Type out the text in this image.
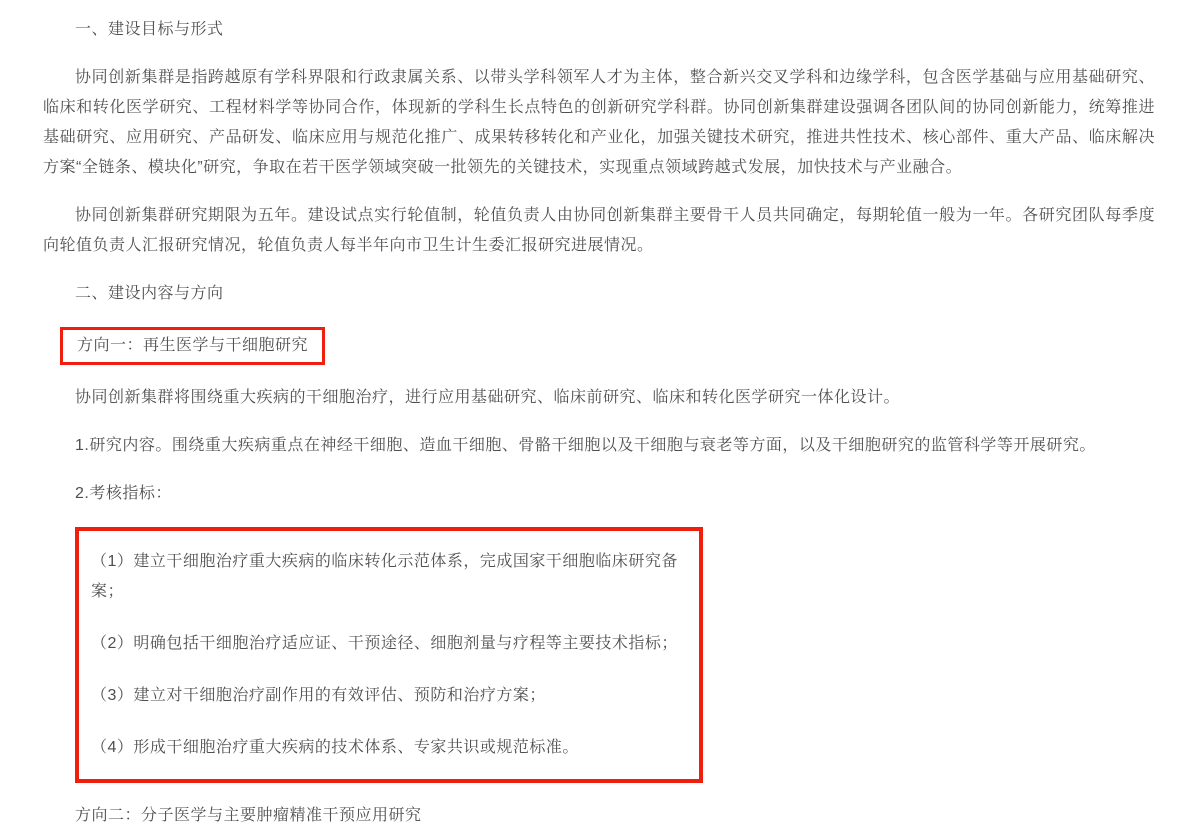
一、建设目标与形式

协同创新集群是指跨越原有学科界限和行政隶属关系、以带头学科领军人才为主体，整合新兴交叉学科和边缘学科，包含医学基础与应用基础研究、临床和转化医学研究、工程材料学等协同合作，体现新的学科生长点特色的创新研究学科群。协同创新集群建设强调各团队间的协同创新能力，统筹推进基础研究、应用研究、产品研发、临床应用与规范化推广、成果转移转化和产业化，加强关键技术研究，推进共性技术、核心部件、重大产品、临床解决方案“全链条、模块化”研究，争取在若干医学领域突破一批领先的关键技术，实现重点领域跨越式发展，加快技术与产业融合。

协同创新集群研究期限为五年。建设试点实行轮值制，轮值负责人由协同创新集群主要骨干人员共同确定，每期轮值一般为一年。各研究团队每季度向轮值负责人汇报研究情况，轮值负责人每半年向市卫生计生委汇报研究进展情况。

二、建设内容与方向
方向一：再生医学与干细胞研究

协同创新集群将围绕重大疾病的干细胞治疗，进行应用基础研究、临床前研究、临床和转化医学研究一体化设计。

1.研究内容。围绕重大疾病重点在神经干细胞、造血干细胞、骨骼干细胞以及干细胞与衰老等方面，以及干细胞研究的监管科学等开展研究。

2.考核指标：

（1）建立干细胞治疗重大疾病的临床转化示范体系，完成国家干细胞临床研究备案；

（2）明确包括干细胞治疗适应证、干预途径、细胞剂量与疗程等主要技术指标；

（3）建立对干细胞治疗副作用的有效评估、预防和治疗方案；

（4）形成干细胞治疗重大疾病的技术体系、专家共识或规范标准。

方向二：分子医学与主要肿瘤精准干预应用研究
